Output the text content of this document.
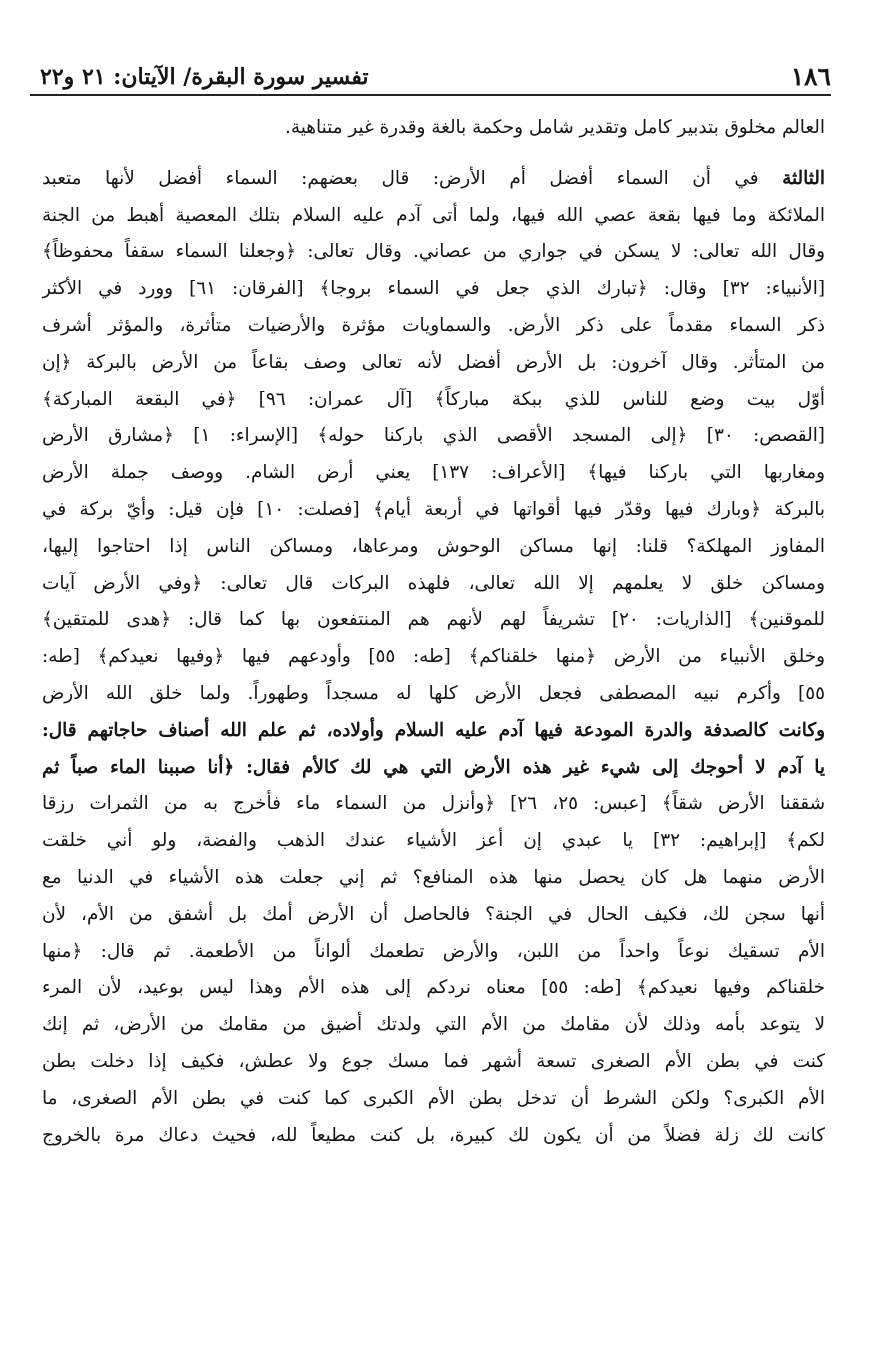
١٨٦
تفسير سورة البقرة/ الآيتان: ٢١ و٢٢
العالم مخلوق بتدبير كامل وتقدير شامل وحكمة بالغة وقدرة غير متناهية.
الثالثة في أن السماء أفضل أم الأرض: قال بعضهم: السماء أفضل لأنها متعبد
الملائكة وما فيها بقعة عصي الله فيها، ولما أتى آدم عليه السلام بتلك المعصية أهبط من الجنة
وقال الله تعالى: لا يسكن في جواري من عصاني. وقال تعالى: ﴿وجعلنا السماء سقفاً محفوظاً﴾
[الأنبياء: ٣٢] وقال: ﴿تبارك الذي جعل في السماء بروجا﴾ [الفرقان: ٦١] وورد في الأكثر
ذكر السماء مقدماً على ذكر الأرض. والسماويات مؤثرة والأرضيات متأثرة، والمؤثر أشرف
من المتأثر. وقال آخرون: بل الأرض أفضل لأنه تعالى وصف بقاعاً من الأرض بالبركة ﴿إن
أوّل بيت وضع للناس للذي ببكة مباركاً﴾ [آل عمران: ٩٦] ﴿في البقعة المباركة﴾
[القصص: ٣٠] ﴿إلى المسجد الأقصى الذي باركنا حوله﴾ [الإسراء: ١] ﴿مشارق الأرض
ومغاربها التي باركنا فيها﴾ [الأعراف: ١٣٧] يعني أرض الشام. ووصف جملة الأرض
بالبركة ﴿وبارك فيها وقدّر فيها أقواتها في أربعة أيام﴾ [فصلت: ١٠] فإن قيل: وأيّ بركة في
المفاوز المهلكة؟ قلنا: إنها مساكن الوحوش ومرعاها، ومساكن الناس إذا احتاجوا إليها،
ومساكن خلق لا يعلمهم إلا الله تعالى، فلهذه البركات قال تعالى: ﴿وفي الأرض آيات
للموقنين﴾ [الذاريات: ٢٠] تشريفاً لهم لأنهم هم المنتفعون بها كما قال: ﴿هدى للمتقين﴾
وخلق الأنبياء من الأرض ﴿منها خلقناكم﴾ [طه: ٥٥] وأودعهم فيها ﴿وفيها نعيدكم﴾ [طه:
٥٥] وأكرم نبيه المصطفى فجعل الأرض كلها له مسجداً وطهوراً. ولما خلق الله الأرض
وكانت كالصدفة والدرة المودعة فيها آدم عليه السلام وأولاده، ثم علم الله أصناف حاجاتهم قال:
يا آدم لا أحوجك إلى شيء غير هذه الأرض التي هي لك كالأم فقال: ﴿أنا صببنا الماء صباً ثم
شققنا الأرض شقاً﴾ [عبس: ٢٥، ٢٦] ﴿وأنزل من السماء ماء فأخرج به من الثمرات رزقا
لكم﴾ [إبراهيم: ٣٢] يا عبدي إن أعز الأشياء عندك الذهب والفضة، ولو أني خلقت
الأرض منهما هل كان يحصل منها هذه المنافع؟ ثم إني جعلت هذه الأشياء في الدنيا مع
أنها سجن لك، فكيف الحال في الجنة؟ فالحاصل أن الأرض أمك بل أشفق من الأم، لأن
الأم تسقيك نوعاً واحداً من اللبن، والأرض تطعمك ألواناً من الأطعمة. ثم قال: ﴿منها
خلقناكم وفيها نعيدكم﴾ [طه: ٥٥] معناه نردكم إلى هذه الأم وهذا ليس بوعيد، لأن المرء
لا يتوعد بأمه وذلك لأن مقامك من الأم التي ولدتك أضيق من مقامك من الأرض، ثم إنك
كنت في بطن الأم الصغرى تسعة أشهر فما مسك جوع ولا عطش، فكيف إذا دخلت بطن
الأم الكبرى؟ ولكن الشرط أن تدخل بطن الأم الكبرى كما كنت في بطن الأم الصغرى، ما
كانت لك زلة فضلاً من أن يكون لك كبيرة، بل كنت مطيعاً لله، فحيث دعاك مرة بالخروج
